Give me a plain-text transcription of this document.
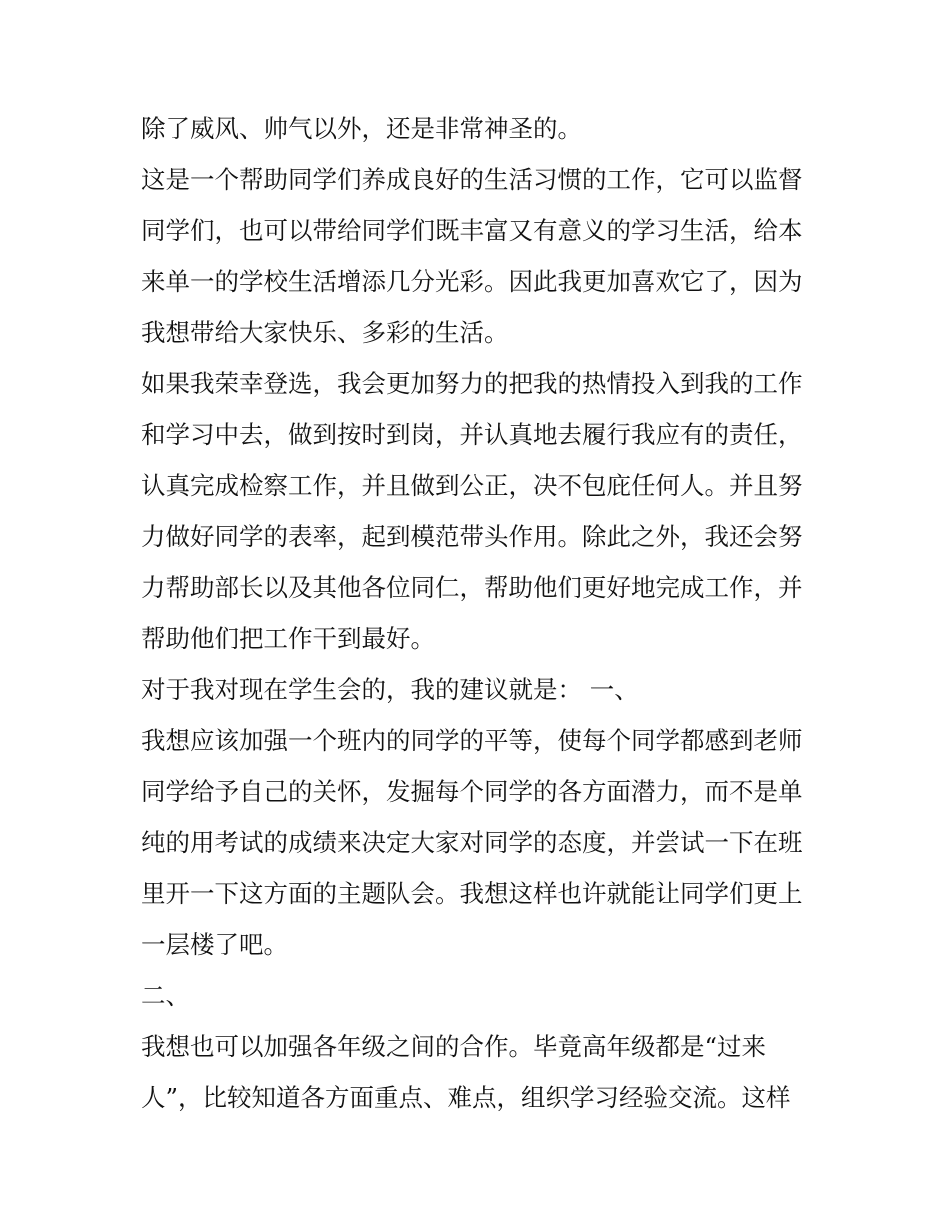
除了威风、帅气以外，还是非常神圣的。
这是一个帮助同学们养成良好的生活习惯的工作，它可以监督
同学们，也可以带给同学们既丰富又有意义的学习生活，给本
来单一的学校生活增添几分光彩。因此我更加喜欢它了，因为
我想带给大家快乐、多彩的生活。
如果我荣幸登选，我会更加努力的把我的热情投入到我的工作
和学习中去，做到按时到岗，并认真地去履行我应有的责任，
认真完成检察工作，并且做到公正，决不包庇任何人。并且努
力做好同学的表率，起到模范带头作用。除此之外，我还会努
力帮助部长以及其他各位同仁，帮助他们更好地完成工作，并
帮助他们把工作干到最好。
对于我对现在学生会的，我的建议就是： 一、
我想应该加强一个班内的同学的平等，使每个同学都感到老师
同学给予自己的关怀，发掘每个同学的各方面潜力，而不是单
纯的用考试的成绩来决定大家对同学的态度，并尝试一下在班
里开一下这方面的主题队会。我想这样也许就能让同学们更上
一层楼了吧。
二、
我想也可以加强各年级之间的合作。毕竟高年级都是“过来
人”，比较知道各方面重点、难点，组织学习经验交流。这样
